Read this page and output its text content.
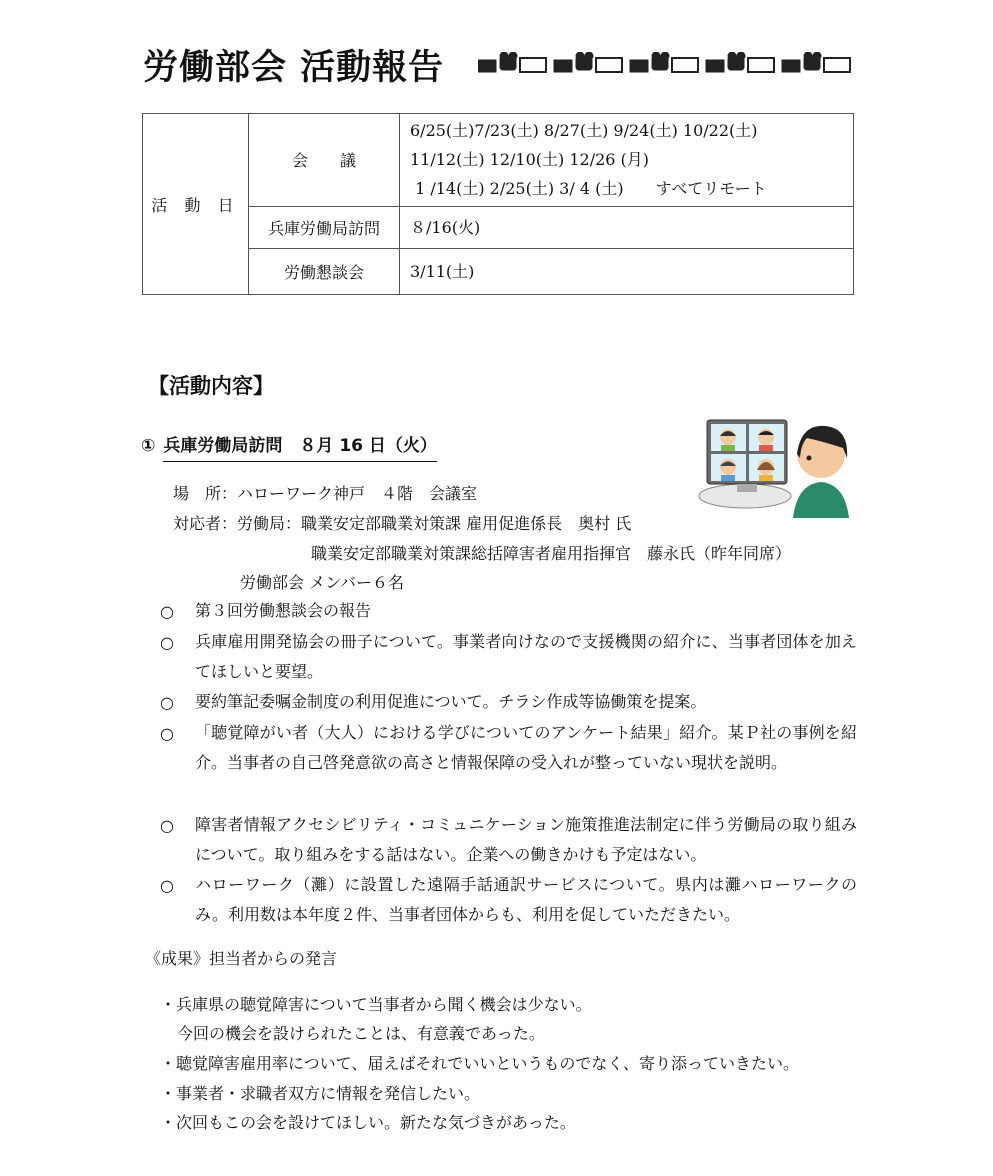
労働部会 活動報告
活 動 日	会　　議	6/25(土)7/23(土) 8/27(土) 9/24(土) 10/22(土)
11/12(土) 12/10(土) 12/26 (月)
1 /14(土) 2/25(土) 3/ 4 (土)　　すべてリモート

	兵庫労働局訪問	８/16(火)
	労働懇談会	3/11(土)
【活動内容】
① 兵庫労働局訪問　８月 16 日（火）
場　所：ハローワーク神戸　４階　会議室
対応者：労働局：職業安定部職業対策課 雇用促進係長　奥村 氏
職業安定部職業対策課総括障害者雇用指揮官　藤永氏（昨年同席）
労働部会 メンバー６名
○ 第３回労働懇談会の報告
○ 兵庫雇用開発協会の冊子について。事業者向けなので支援機関の紹介に、当事者団体を加えてほしいと要望。
○ 要約筆記委嘱金制度の利用促進について。チラシ作成等協働策を提案。
○ 「聴覚障がい者（大人）における学びについてのアンケート結果」紹介。某Ｐ社の事例を紹介。当事者の自己啓発意欲の高さと情報保障の受入れが整っていない現状を説明。
○ 障害者情報アクセシビリティ・コミュニケーション施策推進法制定に伴う労働局の取り組みについて。取り組みをする話はない。企業への働きかけも予定はない。
○ ハローワーク（灘）に設置した遠隔手話通訳サービスについて。県内は灘ハローワークのみ。利用数は本年度２件、当事者団体からも、利用を促していただきたい。
《成果》担当者からの発言
・兵庫県の聴覚障害について当事者から聞く機会は少ない。
今回の機会を設けられたことは、有意義であった。
・聴覚障害雇用率について、届えばそれでいいというものでなく、寄り添っていきたい。
・事業者・求職者双方に情報を発信したい。
・次回もこの会を設けてほしい。新たな気づきがあった。
